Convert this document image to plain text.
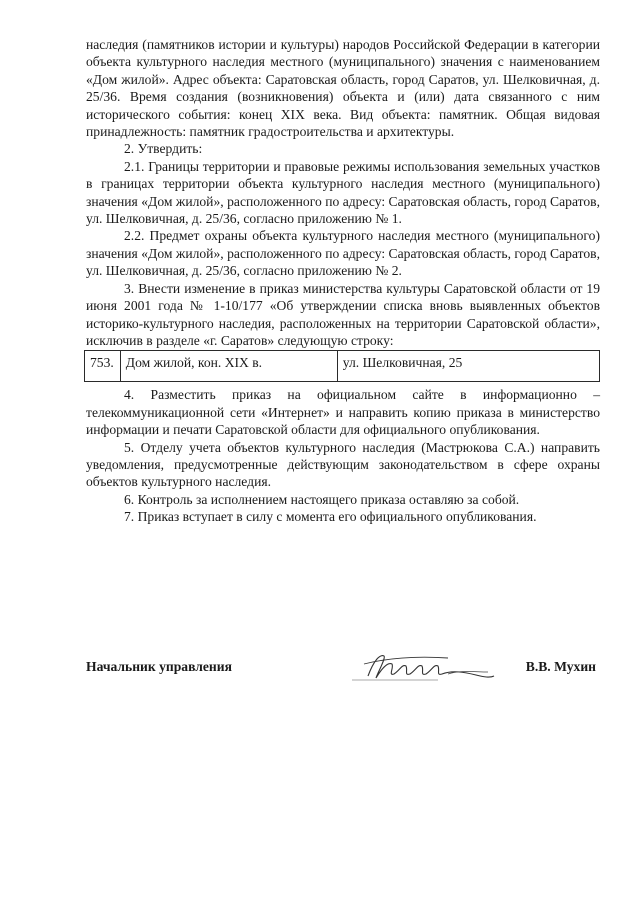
наследия (памятников истории и культуры) народов Российской Федерации в категории объекта культурного наследия местного (муниципального) значения с наименованием «Дом жилой». Адрес объекта: Саратовская область, город Саратов, ул. Шелковичная, д. 25/36. Время создания (возникновения) объекта и (или) дата связанного с ним исторического события: конец XIX века. Вид объекта: памятник. Общая видовая принадлежность: памятник градостроительства и архитектуры.

2. Утвердить:

2.1. Границы территории и правовые режимы использования земельных участков в границах территории объекта культурного наследия местного (муниципального) значения «Дом жилой», расположенного по адресу: Саратовская область, город Саратов, ул. Шелковичная, д. 25/36, согласно приложению № 1.

2.2. Предмет охраны объекта культурного наследия местного (муниципального) значения «Дом жилой», расположенного по адресу: Саратовская область, город Саратов, ул. Шелковичная, д. 25/36, согласно приложению № 2.

3. Внести изменение в приказ министерства культуры Саратовской области от 19 июня 2001 года № 1-10/177 «Об утверждении списка вновь выявленных объектов историко-культурного наследия, расположенных на территории Саратовской области», исключив в разделе «г. Саратов» следующую строку:

753.	Дом жилой, кон. XIX в.	ул. Шелковичная, 25

4. Разместить приказ на официальном сайте в информационно – телекоммуникационной сети «Интернет» и направить копию приказа в министерство информации и печати Саратовской области для официального опубликования.

5. Отделу учета объектов культурного наследия (Мастрюкова С.А.) направить уведомления, предусмотренные действующим законодательством в сфере охраны объектов культурного наследия.

6. Контроль за исполнением настоящего приказа оставляю за собой.

7. Приказ вступает в силу с момента его официального опубликования.

Начальник управления	В.В. Мухин
